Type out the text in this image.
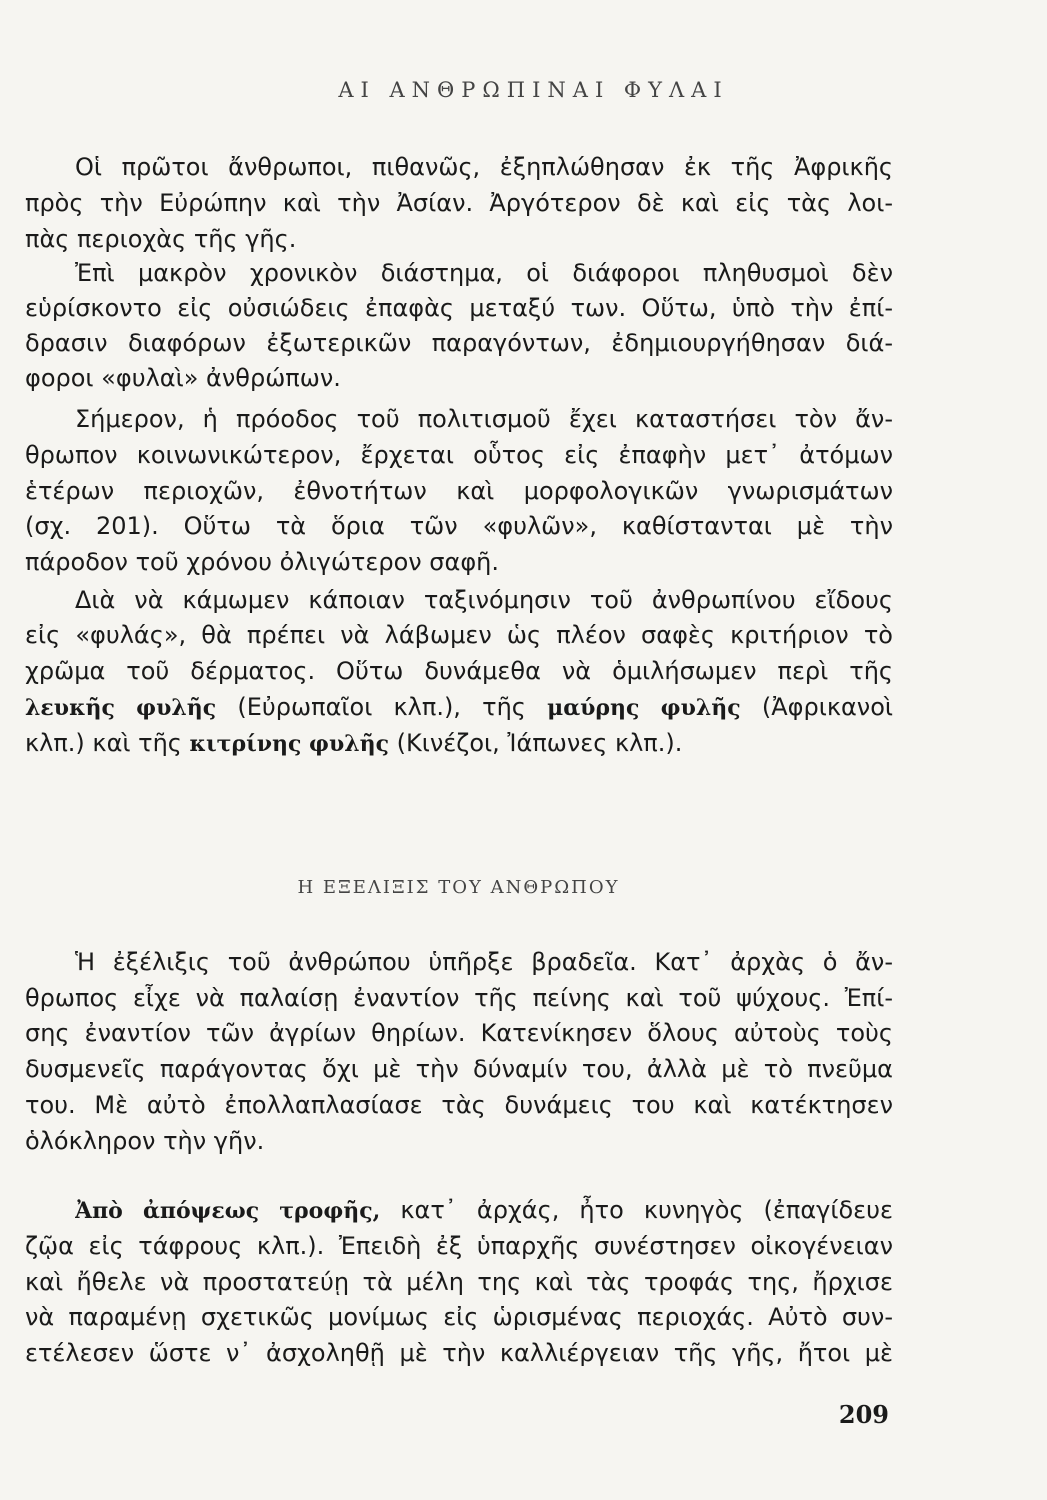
ΑΙ ΑΝΘΡΩΠΙΝΑΙ ΦΥΛΑΙ
Οἱ πρῶτοι ἄνθρωποι, πιθανῶς, ἐξηπλώθησαν ἐκ τῆς Ἀφρικῆς
πρὸς τὴν Εὐρώπην καὶ τὴν Ἀσίαν. Ἀργότερον δὲ καὶ εἰς τὰς λοι-
πὰς περιοχὰς τῆς γῆς.
Ἐπὶ μακρὸν χρονικὸν διάστημα, οἱ διάφοροι πληθυσμοὶ δὲν
εὑρίσκοντο εἰς οὐσιώδεις ἐπαφὰς μεταξύ των. Οὕτω, ὑπὸ τὴν ἐπί-
δρασιν διαφόρων ἐξωτερικῶν παραγόντων, ἐδημιουργήθησαν διά-
φοροι «φυλαὶ» ἀνθρώπων.
Σήμερον, ἡ πρόοδος τοῦ πολιτισμοῦ ἔχει καταστήσει τὸν ἄν-
θρωπον κοινωνικώτερον, ἔρχεται οὗτος εἰς ἐπαφὴν μετ᾽ ἀτόμων
ἑτέρων περιοχῶν, ἐθνοτήτων καὶ μορφολογικῶν γνωρισμάτων
(σχ. 201). Οὕτω τὰ ὅρια τῶν «φυλῶν», καθίστανται μὲ τὴν
πάροδον τοῦ χρόνου ὀλιγώτερον σαφῆ.
Διὰ νὰ κάμωμεν κάποιαν ταξινόμησιν τοῦ ἀνθρωπίνου εἴδους
εἰς «φυλάς», θὰ πρέπει νὰ λάβωμεν ὡς πλέον σαφὲς κριτήριον τὸ
χρῶμα τοῦ δέρματος. Οὕτω δυνάμεθα νὰ ὁμιλήσωμεν περὶ τῆς
λευκῆς φυλῆς (Εὐρωπαῖοι κλπ.), τῆς μαύρης φυλῆς (Ἀφρικανοὶ
κλπ.) καὶ τῆς κιτρίνης φυλῆς (Κινέζοι, Ἰάπωνες κλπ.).
Η ΕΞΕΛΙΞΙΣ ΤΟΥ ΑΝΘΡΩΠΟΥ
Ἡ ἐξέλιξις τοῦ ἀνθρώπου ὑπῆρξε βραδεῖα. Κατ᾽ ἀρχὰς ὁ ἄν-
θρωπος εἶχε νὰ παλαίσῃ ἐναντίον τῆς πείνης καὶ τοῦ ψύχους. Ἐπί-
σης ἐναντίον τῶν ἀγρίων θηρίων. Κατενίκησεν ὅλους αὐτοὺς τοὺς
δυσμενεῖς παράγοντας ὄχι μὲ τὴν δύναμίν του, ἀλλὰ μὲ τὸ πνεῦμα
του. Μὲ αὐτὸ ἐπολλαπλασίασε τὰς δυνάμεις του καὶ κατέκτησεν
ὁλόκληρον τὴν γῆν.
Ἀπὸ ἀπόψεως τροφῆς, κατ᾽ ἀρχάς, ἦτο κυνηγὸς (ἐπαγίδευε
ζῷα εἰς τάφρους κλπ.). Ἐπειδὴ ἐξ ὑπαρχῆς συνέστησεν οἰκογένειαν
καὶ ἤθελε νὰ προστατεύῃ τὰ μέλη της καὶ τὰς τροφάς της, ἤρχισε
νὰ παραμένῃ σχετικῶς μονίμως εἰς ὡρισμένας περιοχάς. Αὐτὸ συν-
ετέλεσεν ὥστε ν᾽ ἀσχοληθῇ μὲ τὴν καλλιέργειαν τῆς γῆς, ἤτοι μὲ
209
